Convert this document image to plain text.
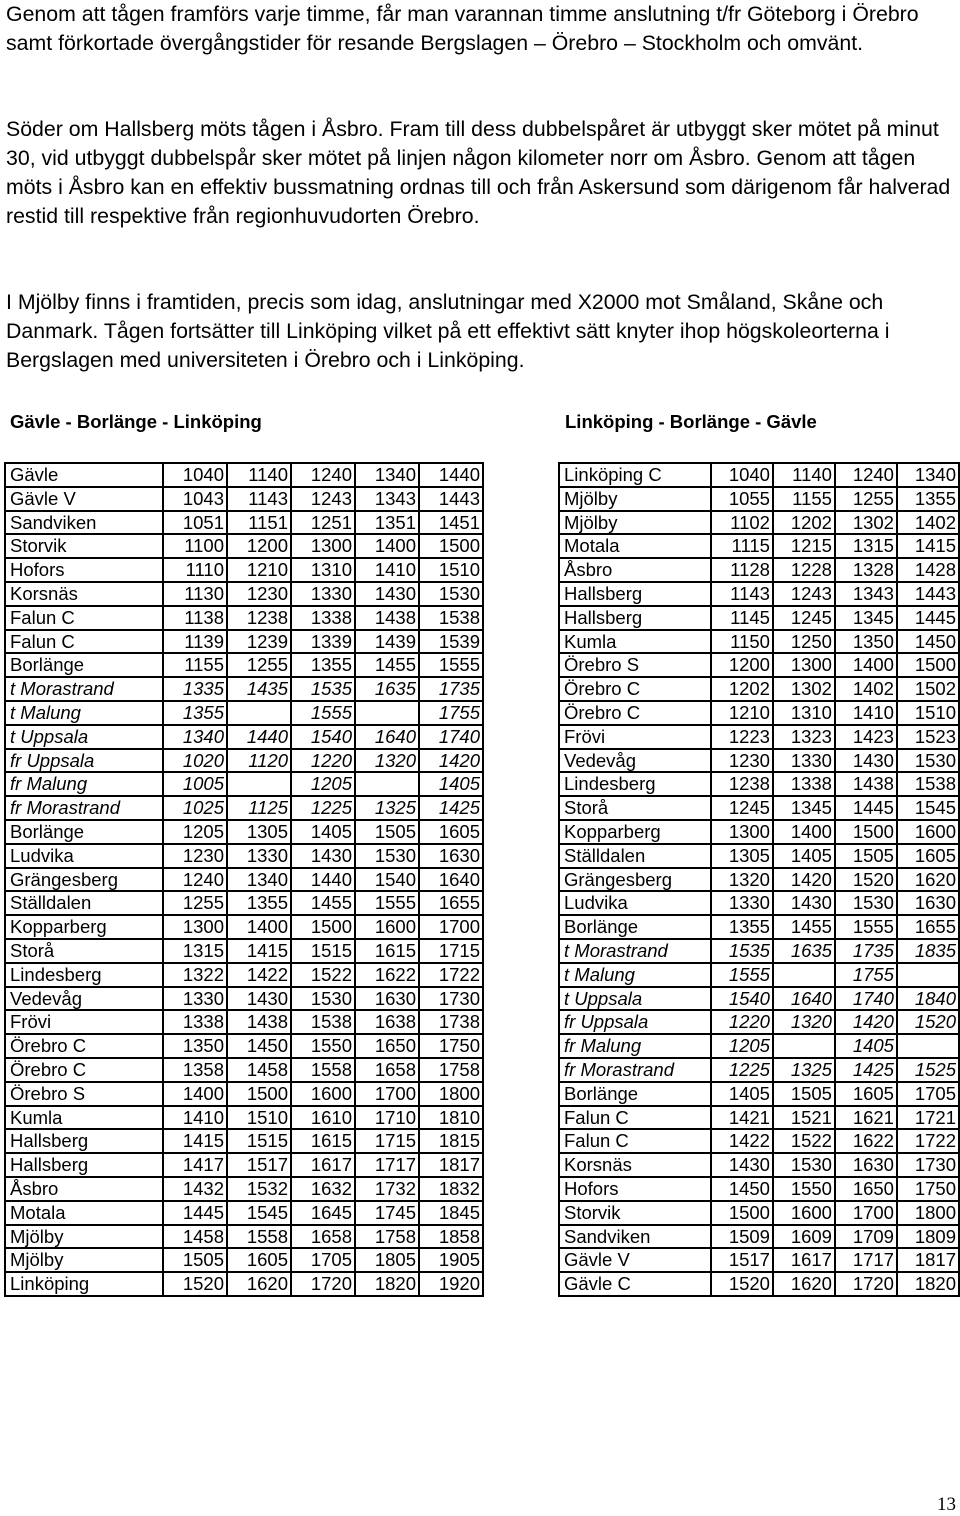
Genom att tågen framförs varje timme, får man varannan timme anslutning t/fr Göteborg i Örebro samt förkortade övergångstider för resande Bergslagen – Örebro – Stockholm och omvänt.

Söder om Hallsberg möts tågen i Åsbro. Fram till dess dubbelspåret är utbyggt sker mötet på minut 30, vid utbyggt dubbelspår sker mötet på linjen någon kilometer norr om Åsbro. Genom att tågen möts i Åsbro kan en effektiv bussmatning ordnas till och från Askersund som därigenom får halverad restid till respektive från regionhuvudorten Örebro.

I Mjölby finns i framtiden, precis som idag, anslutningar med X2000 mot Småland, Skåne och Danmark. Tågen fortsätter till Linköping vilket på ett effektivt sätt knyter ihop högskoleorterna i Bergslagen med universiteten i Örebro och i Linköping.

Gävle - Borlänge - Linköping	Linköping - Borlänge - Gävle

Gävle	1040	1140	1240	1340	1440
Gävle V	1043	1143	1243	1343	1443
Sandviken	1051	1151	1251	1351	1451
Storvik	1100	1200	1300	1400	1500
Hofors	1110	1210	1310	1410	1510
Korsnäs	1130	1230	1330	1430	1530
Falun C	1138	1238	1338	1438	1538
Falun C	1139	1239	1339	1439	1539
Borlänge	1155	1255	1355	1455	1555
t Morastrand	1335	1435	1535	1635	1735
t Malung	1355		1555		1755
t Uppsala	1340	1440	1540	1640	1740
fr Uppsala	1020	1120	1220	1320	1420
fr Malung	1005		1205		1405
fr Morastrand	1025	1125	1225	1325	1425
Borlänge	1205	1305	1405	1505	1605
Ludvika	1230	1330	1430	1530	1630
Grängesberg	1240	1340	1440	1540	1640
Ställdalen	1255	1355	1455	1555	1655
Kopparberg	1300	1400	1500	1600	1700
Storå	1315	1415	1515	1615	1715
Lindesberg	1322	1422	1522	1622	1722
Vedevåg	1330	1430	1530	1630	1730
Frövi	1338	1438	1538	1638	1738
Örebro C	1350	1450	1550	1650	1750
Örebro C	1358	1458	1558	1658	1758
Örebro S	1400	1500	1600	1700	1800
Kumla	1410	1510	1610	1710	1810
Hallsberg	1415	1515	1615	1715	1815
Hallsberg	1417	1517	1617	1717	1817
Åsbro	1432	1532	1632	1732	1832
Motala	1445	1545	1645	1745	1845
Mjölby	1458	1558	1658	1758	1858
Mjölby	1505	1605	1705	1805	1905
Linköping	1520	1620	1720	1820	1920
Linköping C	1040	1140	1240	1340
Mjölby	1055	1155	1255	1355
Mjölby	1102	1202	1302	1402
Motala	1115	1215	1315	1415
Åsbro	1128	1228	1328	1428
Hallsberg	1143	1243	1343	1443
Hallsberg	1145	1245	1345	1445
Kumla	1150	1250	1350	1450
Örebro S	1200	1300	1400	1500
Örebro C	1202	1302	1402	1502
Örebro C	1210	1310	1410	1510
Frövi	1223	1323	1423	1523
Vedevåg	1230	1330	1430	1530
Lindesberg	1238	1338	1438	1538
Storå	1245	1345	1445	1545
Kopparberg	1300	1400	1500	1600
Ställdalen	1305	1405	1505	1605
Grängesberg	1320	1420	1520	1620
Ludvika	1330	1430	1530	1630
Borlänge	1355	1455	1555	1655
t Morastrand	1535	1635	1735	1835
t Malung	1555		1755	
t Uppsala	1540	1640	1740	1840
fr Uppsala	1220	1320	1420	1520
fr Malung	1205		1405	
fr Morastrand	1225	1325	1425	1525
Borlänge	1405	1505	1605	1705
Falun C	1421	1521	1621	1721
Falun C	1422	1522	1622	1722
Korsnäs	1430	1530	1630	1730
Hofors	1450	1550	1650	1750
Storvik	1500	1600	1700	1800
Sandviken	1509	1609	1709	1809
Gävle V	1517	1617	1717	1817
Gävle C	1520	1620	1720	1820
13
